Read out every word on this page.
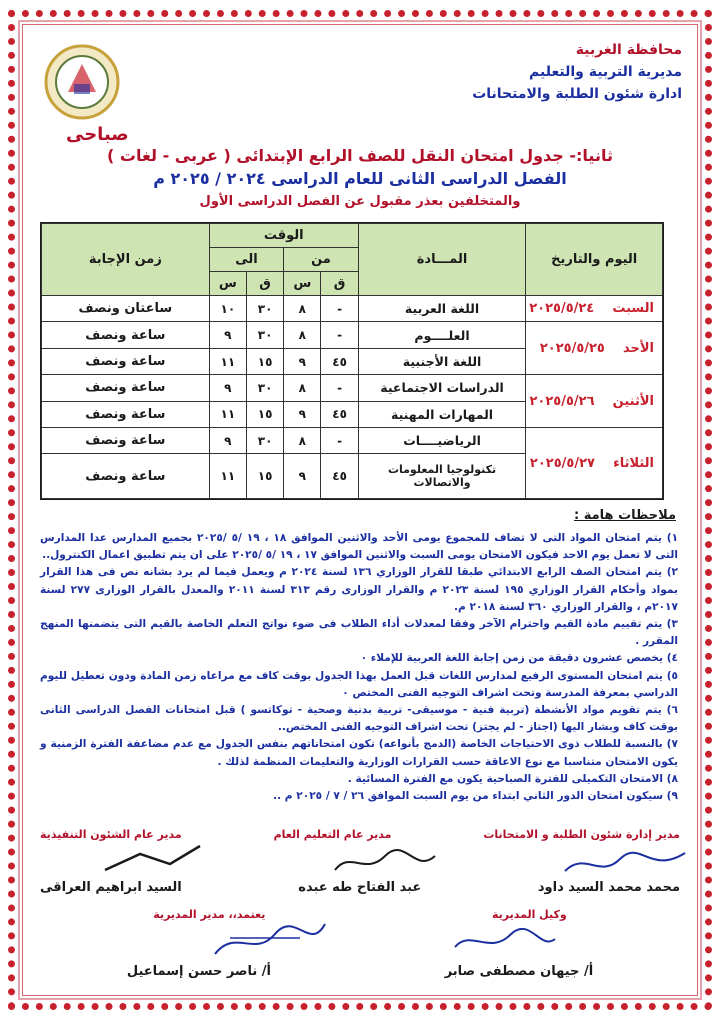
محافظة الغربية
مديرية التربية والتعليم
ادارة شئون الطلبة والامتحانات
صباحى
ثانيا:- جدول امتحان النقل للصف الرابع الإبتدائى ( عربى - لغات )
الفصل الدراسى الثانى للعام الدراسى ٢٠٢٤ / ٢٠٢٥ م
والمتخلفين بعذر مقبول عن الفصل الدراسى الأول
اليوم والتاريخ	المـــادة	الوقت				زمن الإجابة
		من		الى		
		ق	س	ق	س	
السبت    ٢٠٢٥/٥/٢٤	اللغة العربية	-	٨	٣٠	١٠	ساعتان ونصف
الأحد    ٢٠٢٥/٥/٢٥	العلــــوم	-	٨	٣٠	٩	ساعة ونصف
	اللغة الأجنبية	٤٥	٩	١٥	١١	ساعة ونصف
الأثنين    ٢٠٢٥/٥/٢٦	الدراسات الاجتماعية	-	٨	٣٠	٩	ساعة ونصف
	المهارات المهنية	٤٥	٩	١٥	١١	ساعة ونصف
الثلاثاء    ٢٠٢٥/٥/٢٧	الرياضيــــات	-	٨	٣٠	٩	ساعة ونصف
	تكنولوجيا المعلومات والاتصالات	٤٥	٩	١٥	١١	ساعة ونصف
ملاحظات هامة :

١) يتم امتحان المواد التى لا تضاف للمجموع يومى الأحد والاثنين الموافق ١٨ ، ١٩ /٥ /٢٠٢٥ بجميع المدارس عدا المدارس التى لا تعمل يوم الاحد فيكون الامتحان يومى السبت والاثنين الموافق ١٧ ، ١٩ /٥ /٢٠٢٥ على ان يتم تطبيق اعمال الكنترول..

٢) يتم امتحان الصف الرابع الابتدائي طبقا للقرار الوزاري ١٣٦ لسنة ٢٠٢٤ م ويعمل فيما لم يرد بشانه نص فى هذا القرار بمواد وأحكام القرار الوزاري ١٩٥ لسنة ٢٠٢٣ م والقرار الوزارى رقم ٣١٣ لسنة ٢٠١١ والمعدل بالقرار الوزارى ٢٧٧ لسنة ٢٠١٧م ، والقرار الوزاري ٣٦٠ لسنة ٢٠١٨ م.

٣) يتم تقييم مادة القيم واحترام الآخر وفقا لمعدلات أداء الطلاب فى ضوء نواتج التعلم الخاصة بالقيم التى يتضمنها المنهج المقرر .

٤) يخصص عشرون دقيقة من زمن إجابة اللغة العربية للإملاء ٠

٥) يتم امتحان المستوى الرفيع لمدارس اللغات قبل العمل بهذا الجدول بوقت كاف مع مراعاه زمن المادة ودون تعطيل لليوم الدراسي بمعرفة المدرسة وتحت اشراف التوجيه الفنى المختص ٠

٦) يتم تقويم مواد الأنشطة (تربية فنية - موسيقى- تربية بدنية وصحية - توكاتسو ) قبل امتحانات الفصل الدراسى الثانى بوقت كاف وبشار اليها (اجتاز - لم يجتز) تحت اشراف التوجيه الفنى المختص..

٧) بالنسبة للطلاب ذوى الاحتياجات الخاصة (الدمج بأنواعه) تكون امتحاناتهم بنفس الجدول مع عدم مضاعفة الفترة الزمنية و يكون الامتحان متناسبا مع نوع الاعاقة حسب القرارات الوزارية والتعليمات المنظمة لذلك .

٨) الامتحان التكميلى للفترة الصباحية يكون مع الفترة المسائية .

٩) سيكون امتحان الدور الثاني ابتداء من يوم السبت الموافق ٢٦ / ٧ / ٢٠٢٥ م ..

مدير إدارة شئون الطلبة و الامتحانات
مدير عام التعليم العام
مدير عام الشئون التنفيذية
محمد محمد السيد داود
عبد الفتاح طه عبده
السيد ابراهيم العراقى
وكيل المديرية
يعتمد،، مدير المديرية
أ/ جيهان مصطفى صابر
أ/ ناصر حسن إسماعيل
